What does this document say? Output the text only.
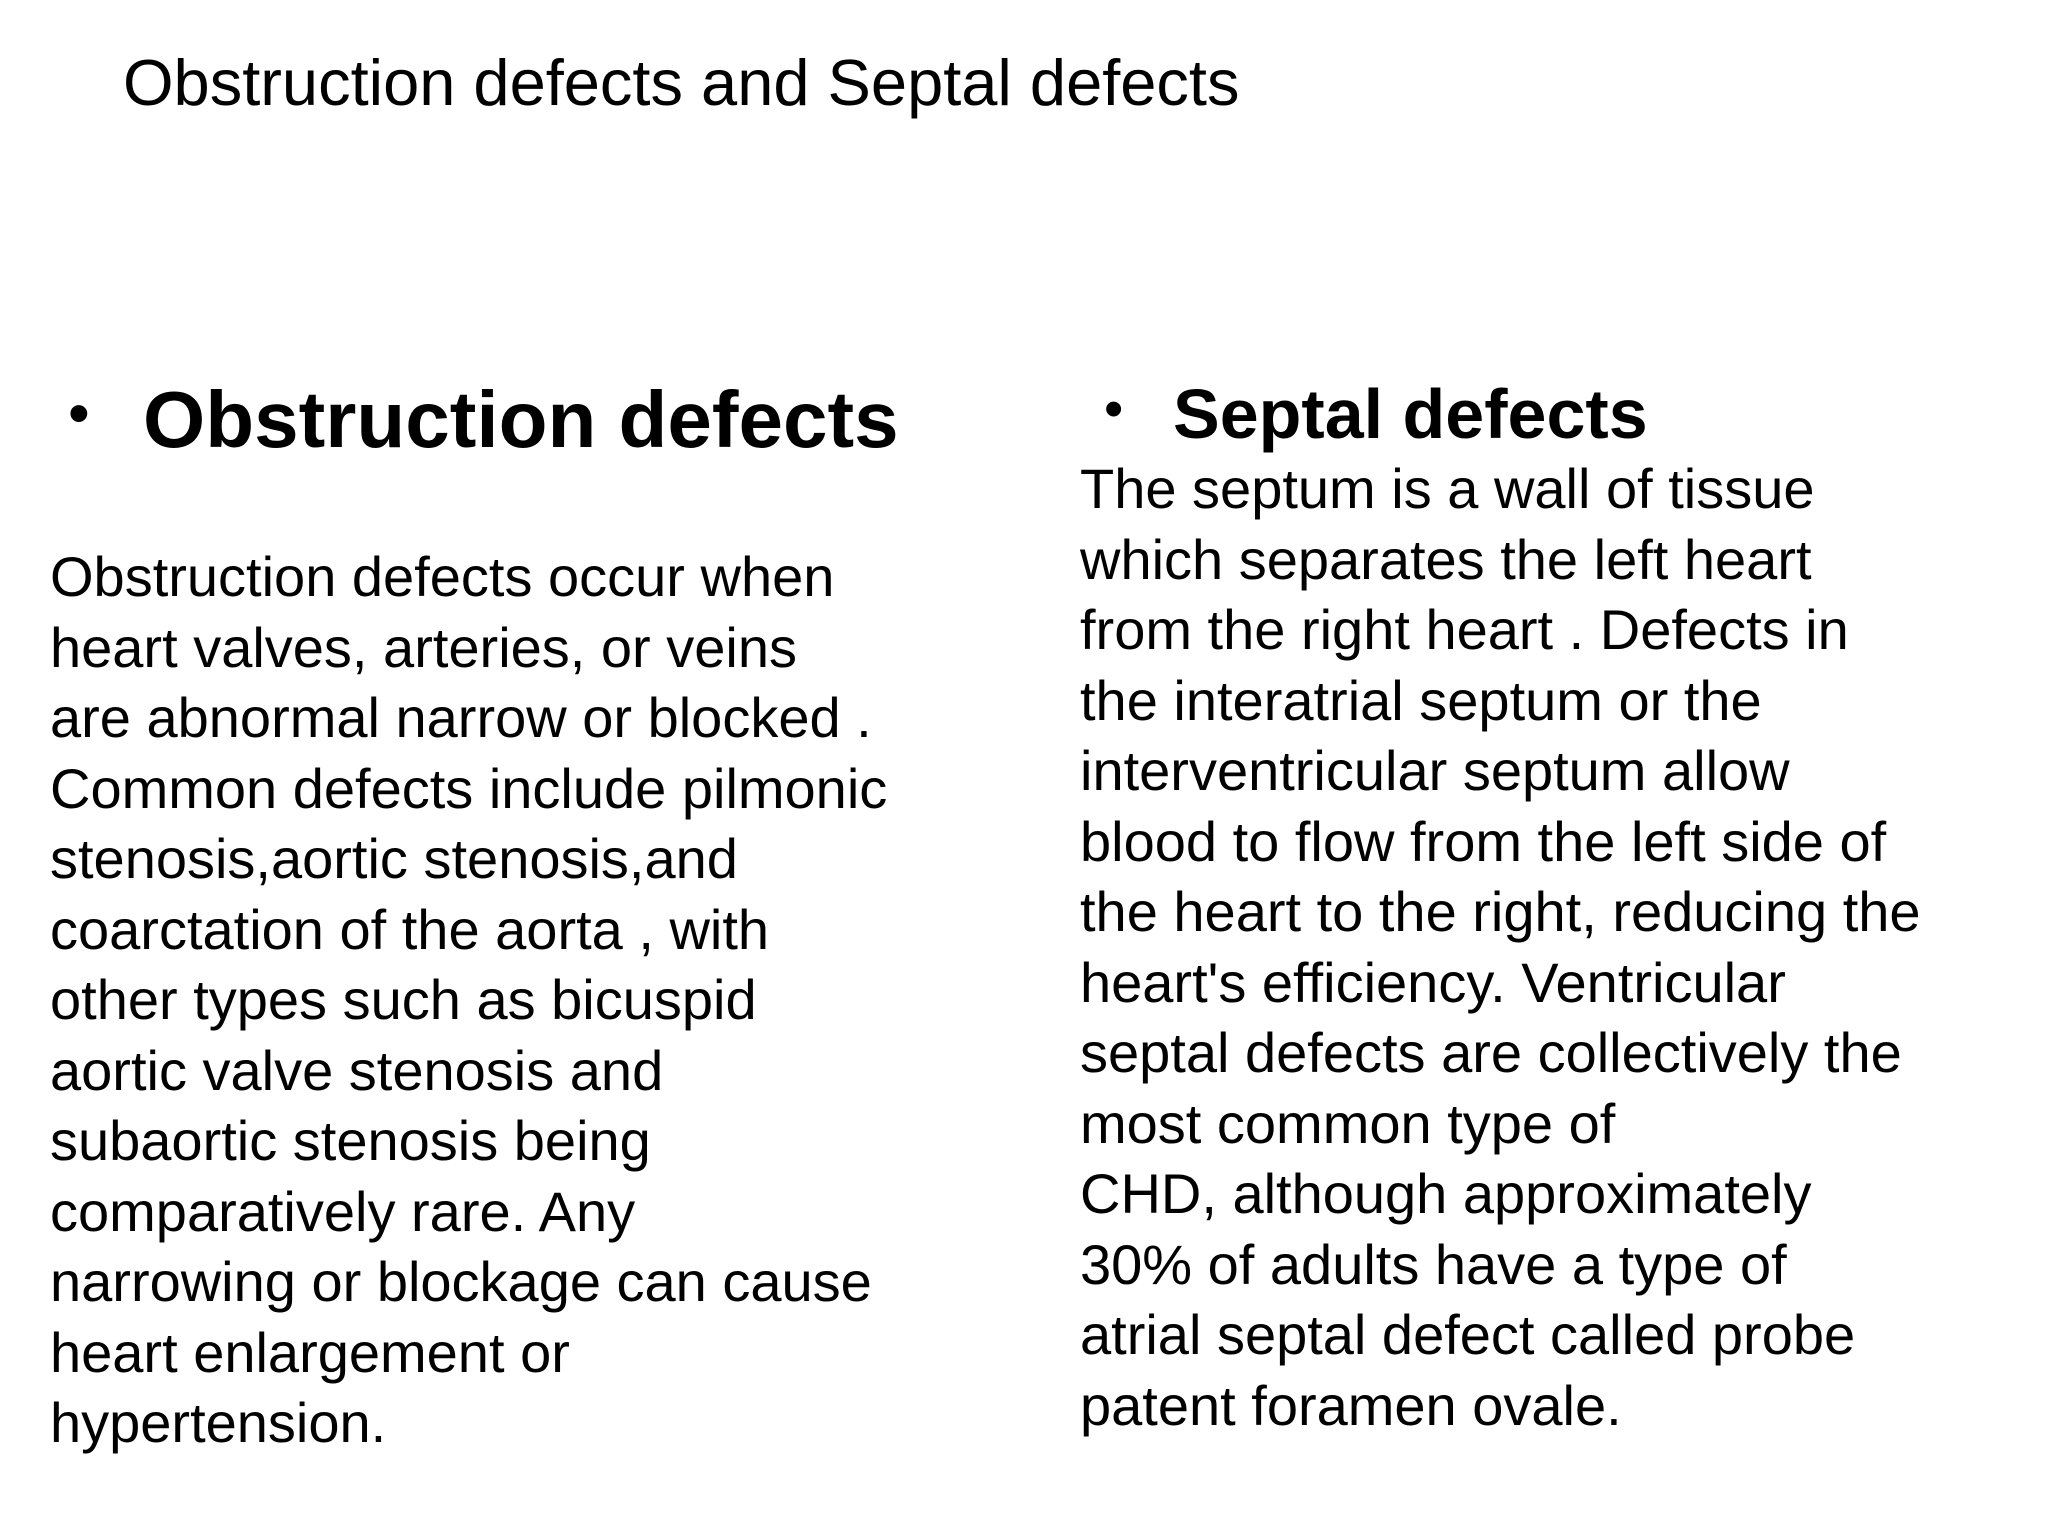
Obstruction defects and Septal defects
• Obstruction defects
Obstruction defects occur when
heart valves, arteries, or veins
are abnormal narrow or blocked .
Common defects include pilmonic
stenosis,aortic stenosis,and
coarctation of the aorta , with
other types such as bicuspid
aortic valve stenosis and
subaortic stenosis being
comparatively rare. Any
narrowing or blockage can cause
heart enlargement or
hypertension.
• Septal defects
The septum is a wall of tissue
which separates the left heart
from the right heart . Defects in
the interatrial septum or the
interventricular septum allow
blood to flow from the left side of
the heart to the right, reducing the
heart's efficiency. Ventricular
septal defects are collectively the
most common type of
CHD, although approximately
30% of adults have a type of
atrial septal defect called probe
patent foramen ovale.
